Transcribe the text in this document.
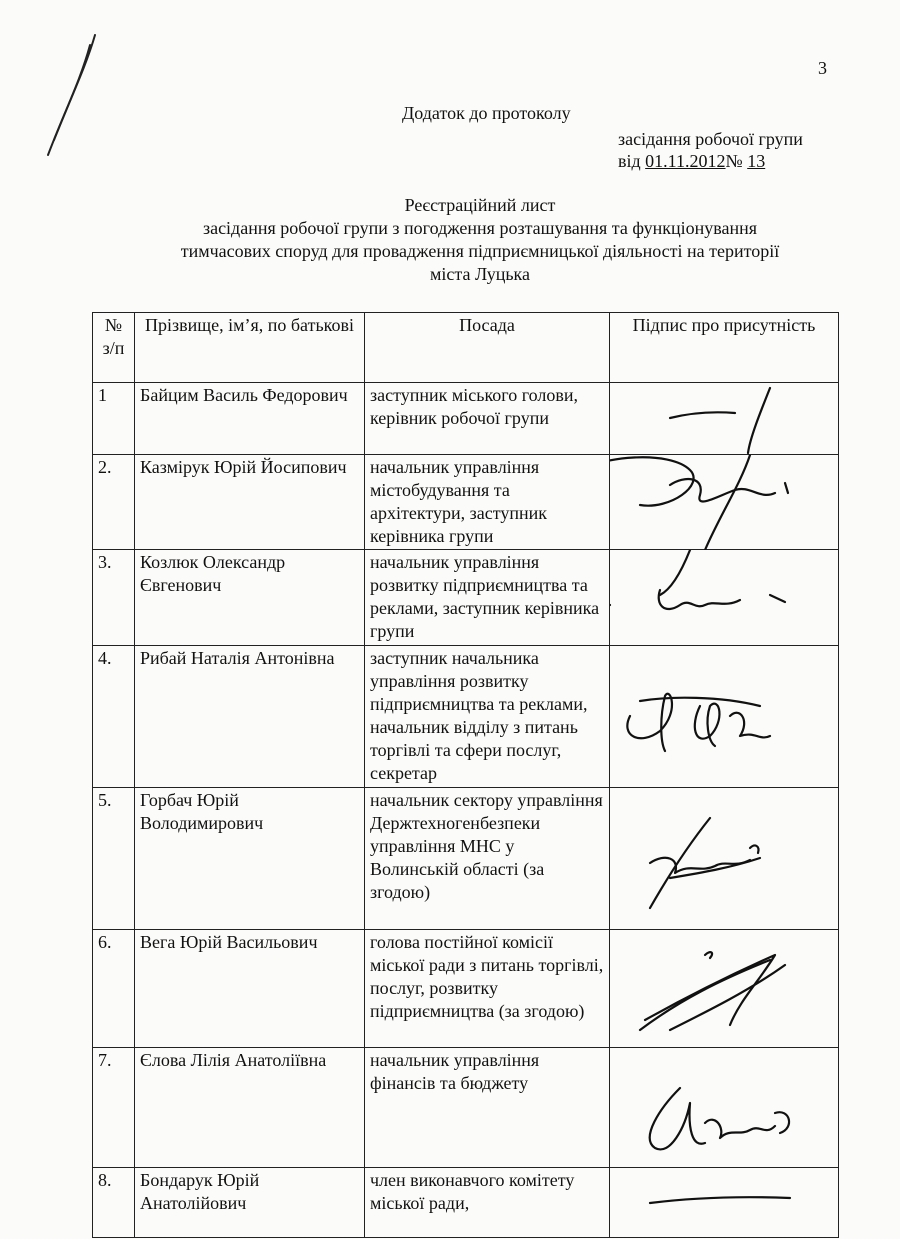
3
Додаток до протоколу
засідання робочої групи
від 01.11.2012№ 13
Реєстраційний лист
засідання робочої групи з погодження розташування та функціонування
тимчасових споруд для провадження підприємницької діяльності на території
міста Луцька
№ з/п	Прізвище, ім’я, по батькові	Посада	Підпис про присутність
1	Байцим Василь Федорович	заступник міського голови, керівник робочої групи	

2.	Казмірук Юрій Йосипович	начальник управління містобудування та архітектури, заступник керівника групи	

3.	Козлюк Олександр Євгенович	начальник управління розвитку підприємництва та реклами, заступник керівника групи	

4.	Рибай Наталія Антонівна	заступник начальника управління розвитку підприємництва та реклами, начальник відділу з питань торгівлі та сфери послуг, секретар	

5.	Горбач Юрій Володимирович	начальник сектору управління Держтехногенбезпеки управління МНС у Волинській області (за згодою)	

6.	Вега Юрій Васильович	голова постійної комісії міської ради з питань торгівлі, послуг, розвитку підприємництва (за згодою)	

7.	Єлова Лілія Анатоліївна	начальник управління фінансів та бюджету	

8.	Бондарук Юрій Анатолійович	член виконавчого комітету міської ради,	
